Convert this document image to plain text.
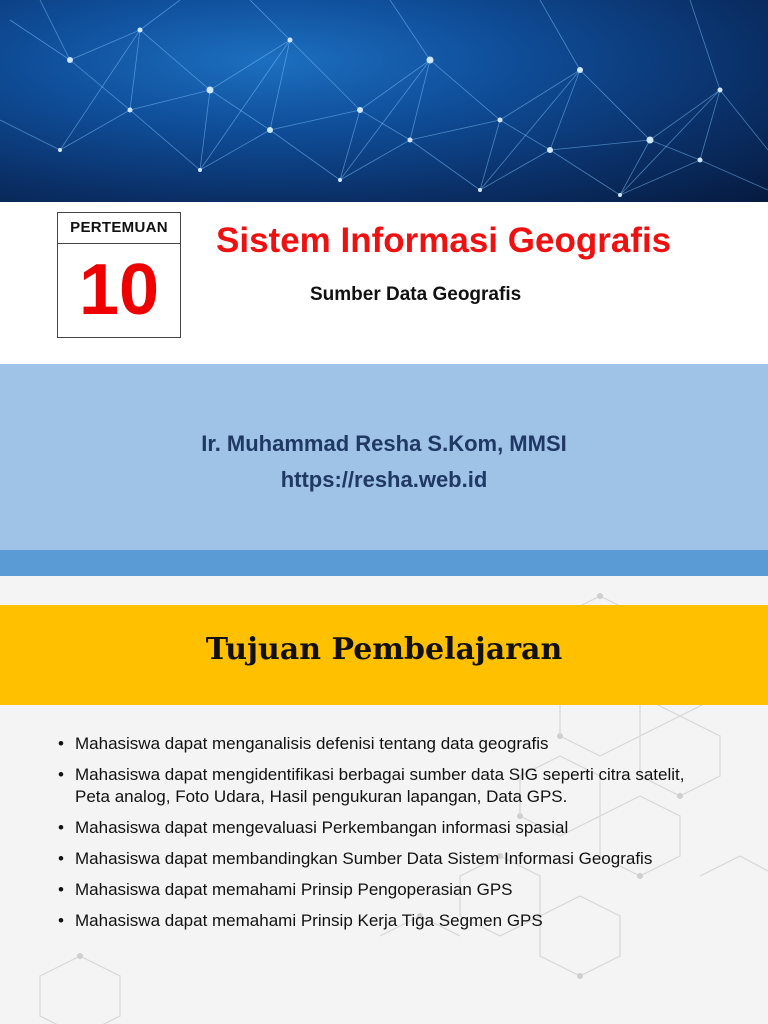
PERTEMUAN
10
Sistem Informasi Geografis
Sumber Data Geografis
Ir. Muhammad Resha S.Kom, MMSI
https://resha.web.id
Tujuan Pembelajaran
• Mahasiswa dapat menganalisis defenisi tentang data geografis
• Mahasiswa dapat mengidentifikasi berbagai sumber data SIG seperti citra satelit, Peta analog, Foto Udara, Hasil pengukuran lapangan, Data GPS.
• Mahasiswa dapat mengevaluasi Perkembangan informasi spasial
• Mahasiswa dapat membandingkan Sumber Data Sistem Informasi Geografis
• Mahasiswa dapat memahami Prinsip Pengoperasian GPS
• Mahasiswa dapat memahami Prinsip Kerja Tiga Segmen GPS
